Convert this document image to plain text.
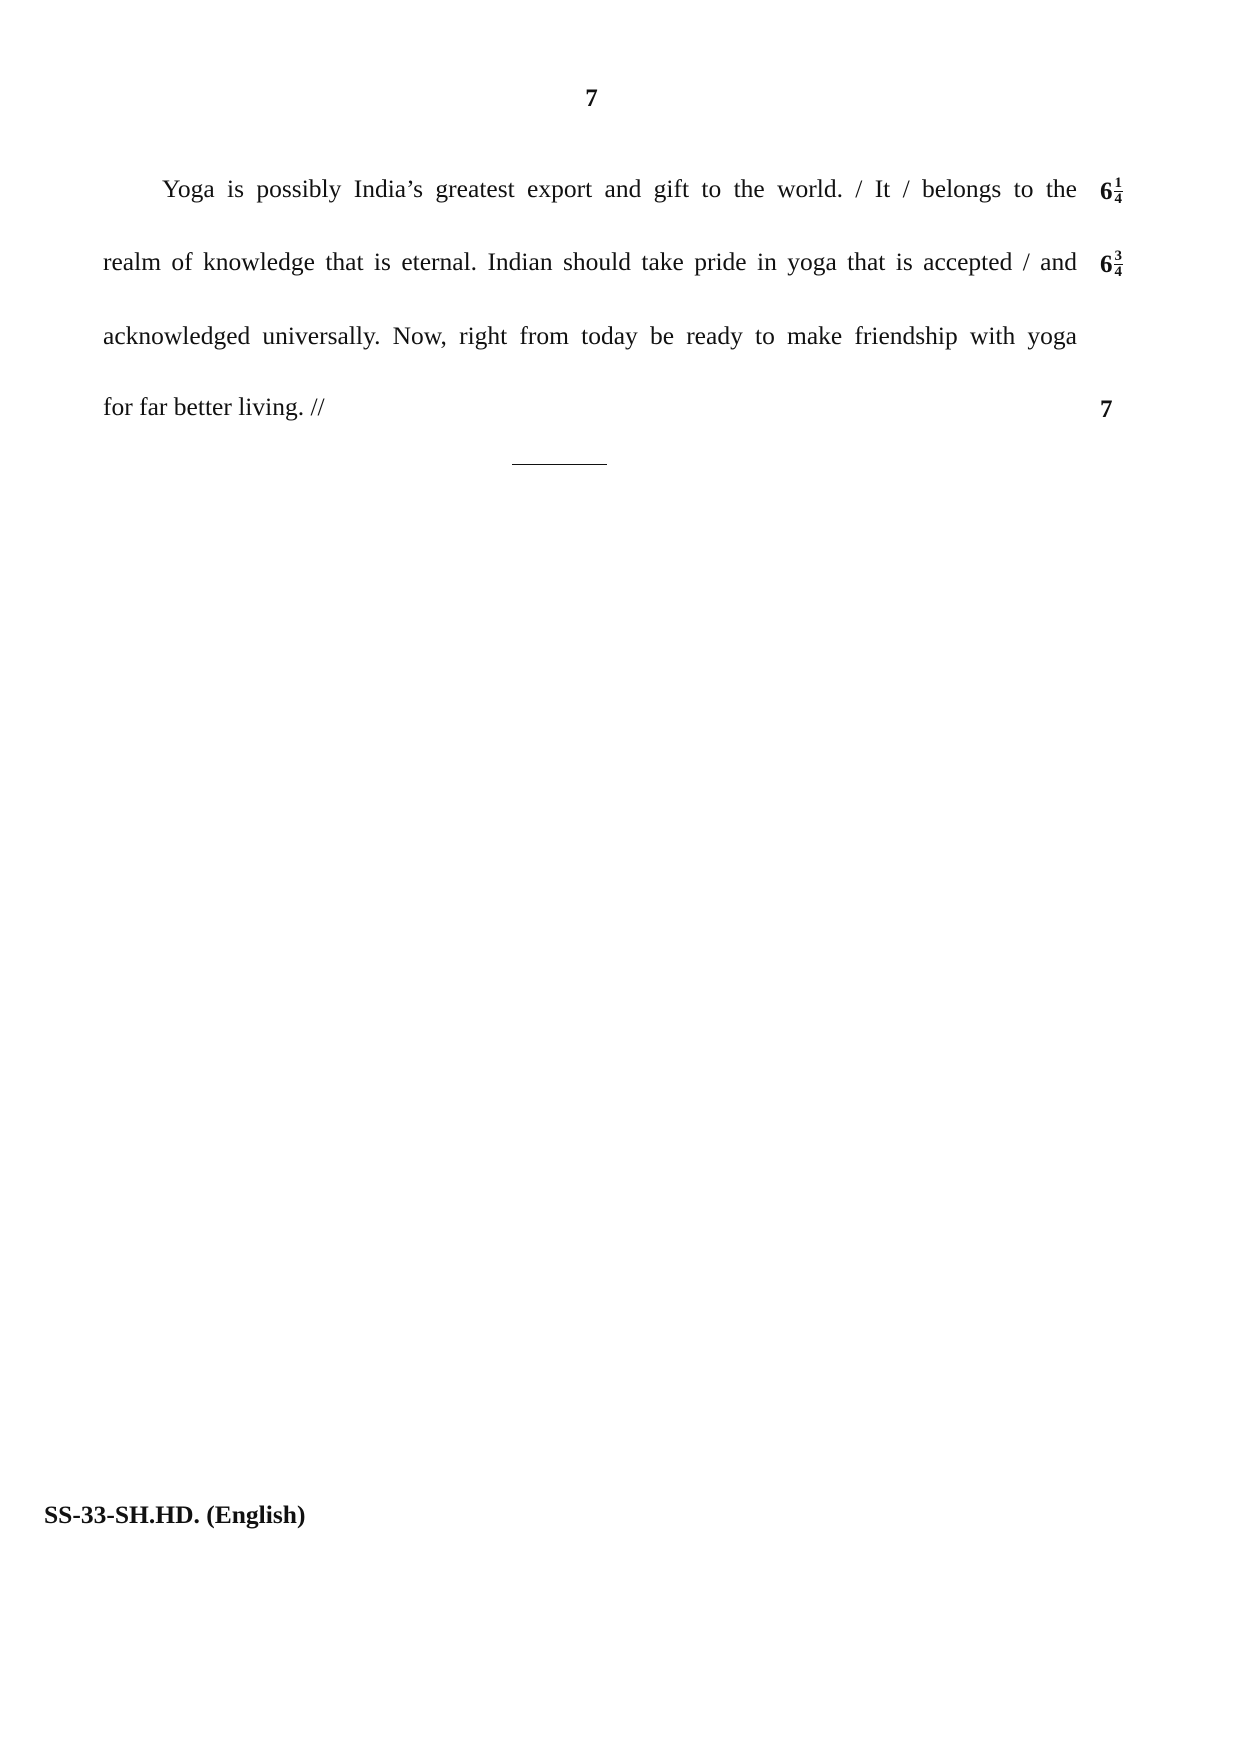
7
Yoga is possibly India’s greatest export and gift to the world. / It / belongs to the
realm of knowledge that is eternal. Indian should take pride in yoga that is accepted / and
acknowledged universally. Now, right from today be ready to make friendship with yoga
for far better living. //
$6 \frac{1}{4}$
$6 \frac{3}{4}$
7
SS-33-SH.HD. (English)
